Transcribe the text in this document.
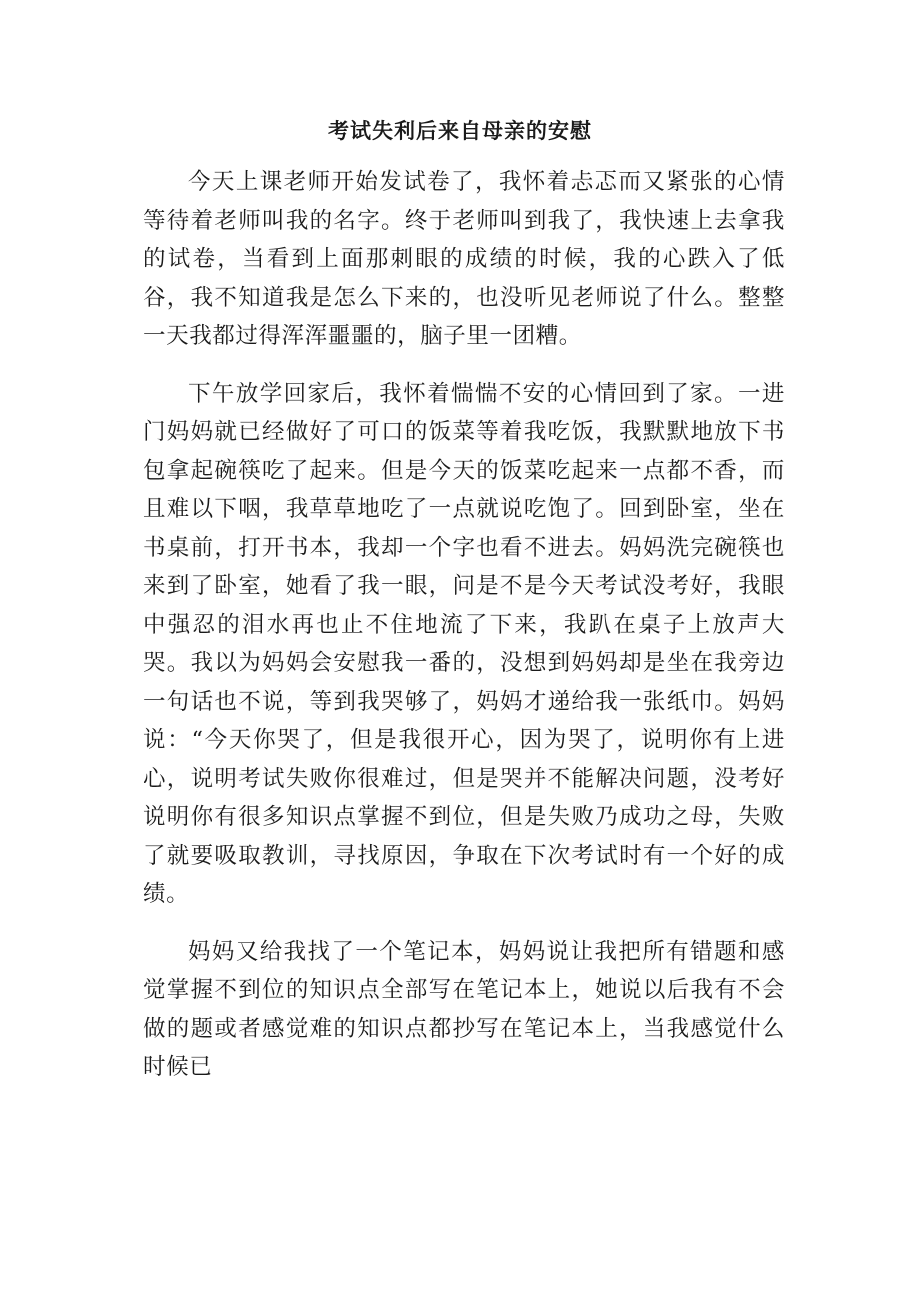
考试失利后来自母亲的安慰

今天上课老师开始发试卷了，我怀着忐忑而又紧张的心情等待着老师叫我的名字。终于老师叫到我了，我快速上去拿我的试卷，当看到上面那刺眼的成绩的时候，我的心跌入了低谷，我不知道我是怎么下来的，也没听见老师说了什么。整整一天我都过得浑浑噩噩的，脑子里一团糟。

下午放学回家后，我怀着惴惴不安的心情回到了家。一进门妈妈就已经做好了可口的饭菜等着我吃饭，我默默地放下书包拿起碗筷吃了起来。但是今天的饭菜吃起来一点都不香，而且难以下咽，我草草地吃了一点就说吃饱了。回到卧室，坐在书桌前，打开书本，我却一个字也看不进去。妈妈洗完碗筷也来到了卧室，她看了我一眼，问是不是今天考试没考好，我眼中强忍的泪水再也止不住地流了下来，我趴在桌子上放声大哭。我以为妈妈会安慰我一番的，没想到妈妈却是坐在我旁边一句话也不说，等到我哭够了，妈妈才递给我一张纸巾。妈妈说：“今天你哭了，但是我很开心，因为哭了，说明你有上进心，说明考试失败你很难过，但是哭并不能解决问题，没考好说明你有很多知识点掌握不到位，但是失败乃成功之母，失败了就要吸取教训，寻找原因，争取在下次考试时有一个好的成绩。

妈妈又给我找了一个笔记本，妈妈说让我把所有错题和感觉掌握不到位的知识点全部写在笔记本上，她说以后我有不会做的题或者感觉难的知识点都抄写在笔记本上，当我感觉什么时候已
